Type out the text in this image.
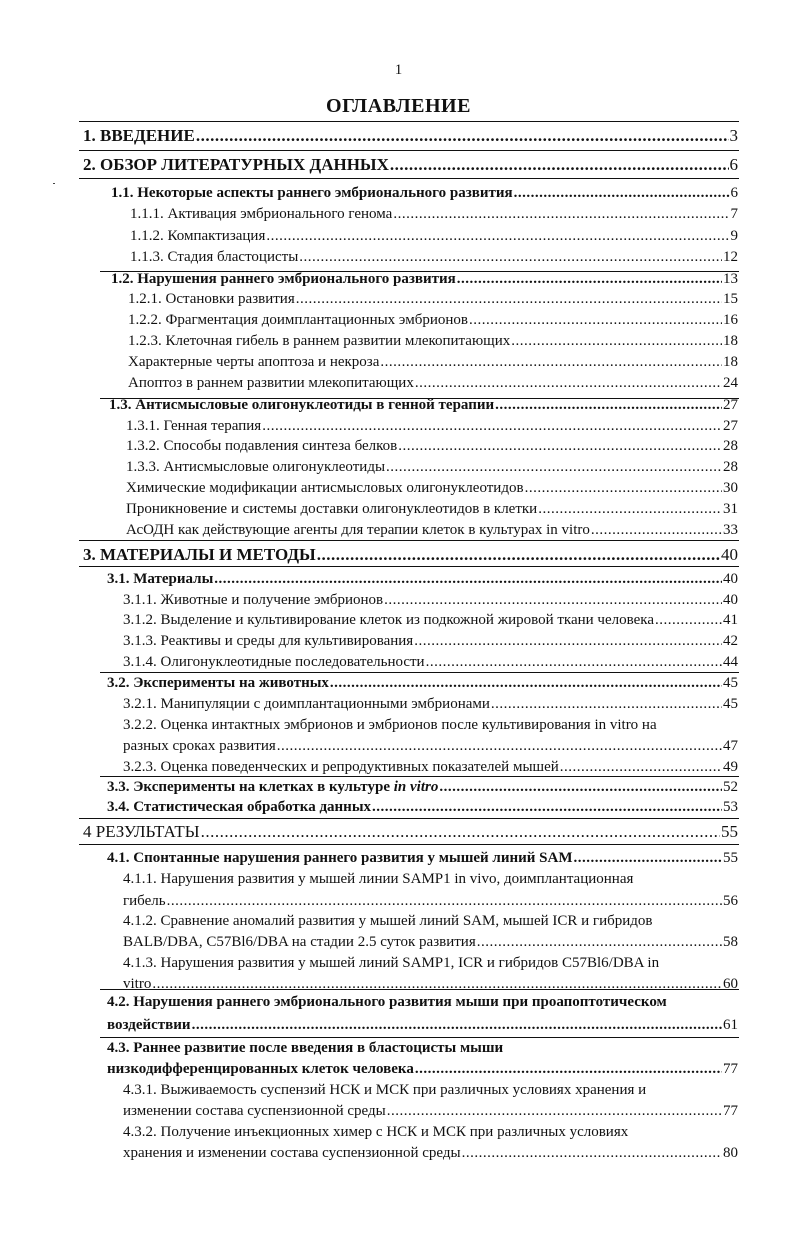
1
ОГЛАВЛЕНИЕ
1. ВВЕДЕНИЕ .....	3
2. ОБЗОР ЛИТЕРАТУРНЫХ ДАННЫХ .....	6
1.1. Некоторые аспекты раннего эмбрионального развития .....	6
1.1.1. Активация эмбрионального генома .....	7
1.1.2. Компактизация .....	9
1.1.3. Стадия бластоцисты .....	12
1.2. Нарушения раннего эмбрионального развития .....	13
1.2.1. Остановки развития .....	15
1.2.2. Фрагментация доимплантационных эмбрионов .....	16
1.2.3. Клеточная гибель в раннем развитии млекопитающих .....	18
Характерные черты апоптоза и некроза .....	18
Апоптоз в раннем развитии млекопитающих .....	24
1.3. Антисмысловые олигонуклеотиды в генной терапии .....	27
1.3.1. Генная терапия .....	27
1.3.2. Способы подавления синтеза белков .....	28
1.3.3. Антисмысловые олигонуклеотиды .....	28
Химические модификации антисмысловых олигонуклеотидов .....	30
Проникновение и системы доставки олигонуклеотидов в клетки .....	31
АсОДН как действующие агенты для терапии клеток в культурах in vitro .....	33
3. МАТЕРИАЛЫ И МЕТОДЫ .....	40
3.1. Материалы .....	40
3.1.1. Животные и получение эмбрионов .....	40
3.1.2. Выделение и культивирование клеток из подкожной жировой ткани человека .....	41
3.1.3. Реактивы и среды для культивирования .....	42
3.1.4. Олигонуклеотидные последовательности .....	44
3.2. Эксперименты на животных .....	45
3.2.1. Манипуляции с доимплантационными эмбрионами .....	45
3.2.2. Оценка интактных эмбрионов и эмбрионов после культивирования in vitro на
разных сроках развития .....	47
3.2.3. Оценка поведенческих и репродуктивных показателей мышей .....	49
3.3. Эксперименты на клетках в культуре in vitro .....	52
3.4. Статистическая обработка данных .....	53
4 РЕЗУЛЬТАТЫ .....	55
4.1. Спонтанные нарушения раннего развития у мышей линий SAM .....	55
4.1.1. Нарушения развития у мышей линии SAMP1 in vivo, доимплантационная
гибель .....	56
4.1.2. Сравнение аномалий развития у мышей линий SAM, мышей ICR и гибридов
BALB/DBA, C57Bl6/DBA на стадии 2.5 суток развития .....	58
4.1.3. Нарушения развития у мышей линий SAMP1, ICR и гибридов C57Bl6/DBA in
vitro .....	60
4.2. Нарушения раннего эмбрионального развития мыши при проапоптотическом
воздействии .....	61
4.3. Раннее развитие после введения в бластоцисты мыши
низкодифференцированных клеток человека .....	77
4.3.1. Выживаемость суспензий НСК и МСК при различных условиях хранения и
изменении состава суспензионной среды .....	77
4.3.2. Получение инъекционных химер с НСК и МСК при различных условиях
хранения и изменении состава суспензионной среды .....	80
